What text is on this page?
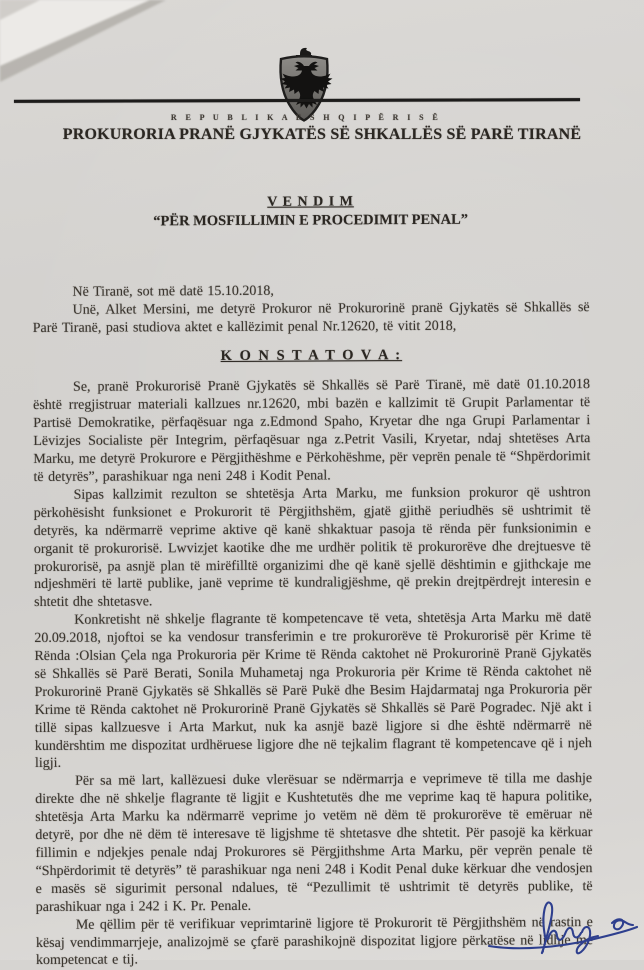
R E P U B L I K A E S H Q I P Ë R I S Ë
PROKURORIA PRANË GJYKATËS SË SHKALLËS SË PARË TIRANË
V E N D I M
“PËR MOSFILLIMIN E PROCEDIMIT PENAL”

Në Tiranë, sot më datë 15.10.2018,

Unë, Alket Mersini, me detyrë Prokuror në Prokurorinë pranë Gjykatës së Shkallës së Parë Tiranë, pasi studiova aktet e kallëzimit penal Nr.12620, të vitit 2018,

K O N S T A T O V A :

Se, pranë Prokurorisë Pranë Gjykatës së Shkallës së Parë Tiranë, më datë 01.10.2018 është rregjistruar materiali kallzues nr.12620, mbi bazën e kallzimit të Grupit Parlamentar të Partisë Demokratike, përfaqësuar nga z.Edmond Spaho, Kryetar dhe nga Grupi Parlamentar i Lëvizjes Socialiste për Integrim, përfaqësuar nga z.Petrit Vasili, Kryetar, ndaj shtetëses Arta Marku, me detyrë Prokurore e Përgjithëshme e Përkohëshme, për veprën penale të “Shpërdorimit të detyrës”, parashikuar nga neni 248 i Kodit Penal.

Sipas kallzimit rezulton se shtetësja Arta Marku, me funksion prokuror që ushtron përkohësisht funksionet e Prokurorit të Përgjithshëm, gjatë gjithë periudhës së ushtrimit të detyrës, ka ndërmarrë veprime aktive që kanë shkaktuar pasoja të rënda për funksionimin e organit të prokurorisë. Lwvizjet kaotike dhe me urdhër politik të prokurorëve dhe drejtuesve të prokurorisë, pa asnjë plan të mirëfilltë organizimi dhe që kanë sjellë dështimin e gjithckaje me ndjeshmëri të lartë publike, janë veprime të kundraligjëshme, që prekin drejtpërdrejt interesin e shtetit dhe shtetasve.

Konkretisht në shkelje flagrante të kompetencave të veta, shtetësja Arta Marku më datë 20.09.2018, njoftoi se ka vendosur transferimin e tre prokurorëve të Prokurorisë për Krime të Rënda :Olsian Çela nga Prokuroria për Krime të Rënda caktohet në Prokurorinë Pranë Gjykatës së Shkallës së Parë Berati, Sonila Muhametaj nga Prokuroria për Krime të Rënda caktohet në Prokurorinë Pranë Gjykatës së Shkallës së Parë Pukë dhe Besim Hajdarmataj nga Prokuroria për Krime të Rënda caktohet në Prokurorinë Pranë Gjykatës së Shkallës së Parë Pogradec. Një akt i tillë sipas kallzuesve i Arta Markut, nuk ka asnjë bazë ligjore si dhe është ndërmarrë në kundërshtim me dispozitat urdhëruese ligjore dhe në tejkalim flagrant të kompetencave që i njeh ligji.

Për sa më lart, kallëzuesi duke vlerësuar se ndërmarrja e veprimeve të tilla me dashje direkte dhe në shkelje flagrante të ligjit e Kushtetutës dhe me veprime kaq të hapura politike, shtetësja Arta Marku ka ndërmarrë veprime jo vetëm në dëm të prokurorëve të emëruar në detyrë, por dhe në dëm të interesave të ligjshme të shtetasve dhe shtetit. Për pasojë ka kërkuar fillimin e ndjekjes penale ndaj Prokurores së Përgjithshme Arta Marku, për veprën penale të “Shpërdorimit të detyrës” të parashikuar nga neni 248 i Kodit Penal duke kërkuar dhe vendosjen e masës së sigurimit personal ndalues, të “Pezullimit të ushtrimit të detyrës publike, të parashikuar nga i 242 i K. Pr. Penale.

Me qëllim për të verifikuar veprimtarinë ligjore të Prokurorit të Përgjithshëm në rastin e kësaj vendimmarrjeje, analizojmë se çfarë parashikojnë dispozitat ligjore përkatëse në lidhje me kompetencat e tij.
